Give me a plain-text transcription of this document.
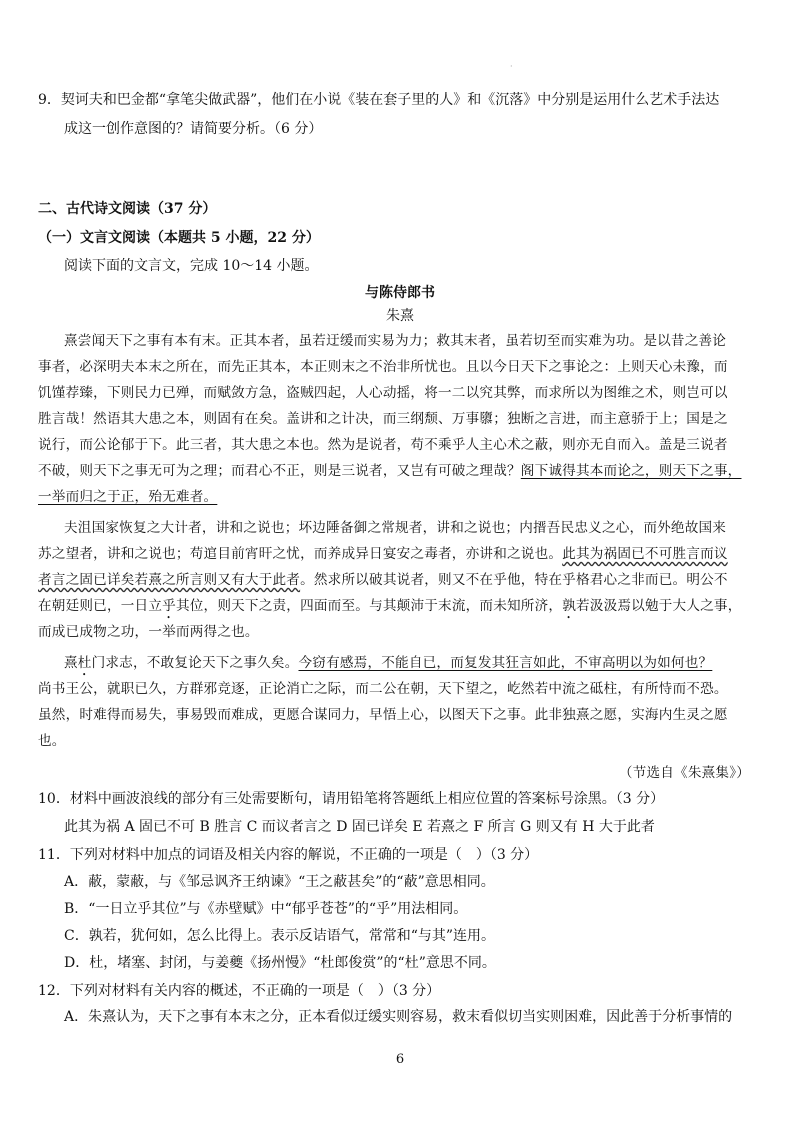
·
9．契诃夫和巴金都“拿笔尖做武器”，他们在小说《装在套子里的人》和《沉落》中分别是运用什么艺术手法达
成这一创作意图的？请简要分析。（6 分）
二、古代诗文阅读（37 分）
（一）文言文阅读（本题共 5 小题，22 分）
阅读下面的文言文，完成 10～14 小题。
与陈侍郎书
朱熹
熹尝闻天下之事有本有末。正其本者，虽若迂缓而实易为力；救其末者，虽若切至而实难为功。是以昔之善论
事者，必深明夫本末之所在，而先正其本，本正则末之不治非所忧也。且以今日天下之事论之：上则天心未豫，而
饥馑荐臻，下则民力已殚，而赋敛方急，盗贼四起，人心动摇，将一二以究其弊，而求所以为图维之术，则岂可以
胜言哉！然语其大患之本，则固有在矣。盖讲和之计决，而三纲颓、万事隳；独断之言进，而主意骄于上；国是之
说行，而公论郁于下。此三者，其大患之本也。然为是说者，苟不乘乎人主心术之蔽，则亦无自而入。盖是三说者
不破，则天下之事无可为之理；而君心不正，则是三说者，又岂有可破之理哉？阁下诚得其本而论之，则天下之事，
一举而归之于正，殆无难者。
夫沮国家恢复之大计者，讲和之说也；坏边陲备御之常规者，讲和之说也；内搢吾民忠义之心，而外绝故国来
苏之望者，讲和之说也；苟逭目前宵旰之忧，而养成异日宴安之毒者，亦讲和之说也。此其为祸固已不可胜言而议
者言之固已详矣若熹之所言则又有大于此者。然求所以破其说者，则又不在乎他，特在乎格君心之非而已。明公不
在朝廷则已，一日立乎其位，则天下之责，四面而至。与其颠沛于末流，而未知所济，孰若汲汲焉以勉于大人之事，
而成已成物之功，一举而两得之也。
熹杜门求志，不敢复论天下之事久矣。今窃有感焉，不能自已，而复发其狂言如此，不审高明以为如何也？
尚书王公，就职已久，方群邪竞逐，正论消亡之际，而二公在朝，天下望之，屹然若中流之砥柱，有所恃而不恐。
虽然，时难得而易失，事易毁而难成，更愿合谋同力，早悟上心，以图天下之事。此非独熹之愿，实海内生灵之愿
也。
（节选自《朱熹集》）
10．材料中画波浪线的部分有三处需要断句，请用铅笔将答题纸上相应位置的答案标号涂黑。（3 分）
此其为祸 A 固已不可 B 胜言 C 而议者言之 D 固已详矣 E 若熹之 F 所言 G 则又有 H 大于此者
11．下列对材料中加点的词语及相关内容的解说，不正确的一项是（　）（3 分）
A．蔽，蒙蔽，与《邹忌讽齐王纳谏》“王之蔽甚矣”的“蔽”意思相同。
B．“一日立乎其位”与《赤壁赋》中“郁乎苍苍”的“乎”用法相同。
C．孰若，犹何如，怎么比得上。表示反诘语气，常常和“与其”连用。
D．杜，堵塞、封闭，与姜夔《扬州慢》“杜郎俊赏”的“杜”意思不同。
12．下列对材料有关内容的概述，不正确的一项是（　）（3 分）
A．朱熹认为，天下之事有本末之分，正本看似迂缓实则容易，救末看似切当实则困难，因此善于分析事情的
6
